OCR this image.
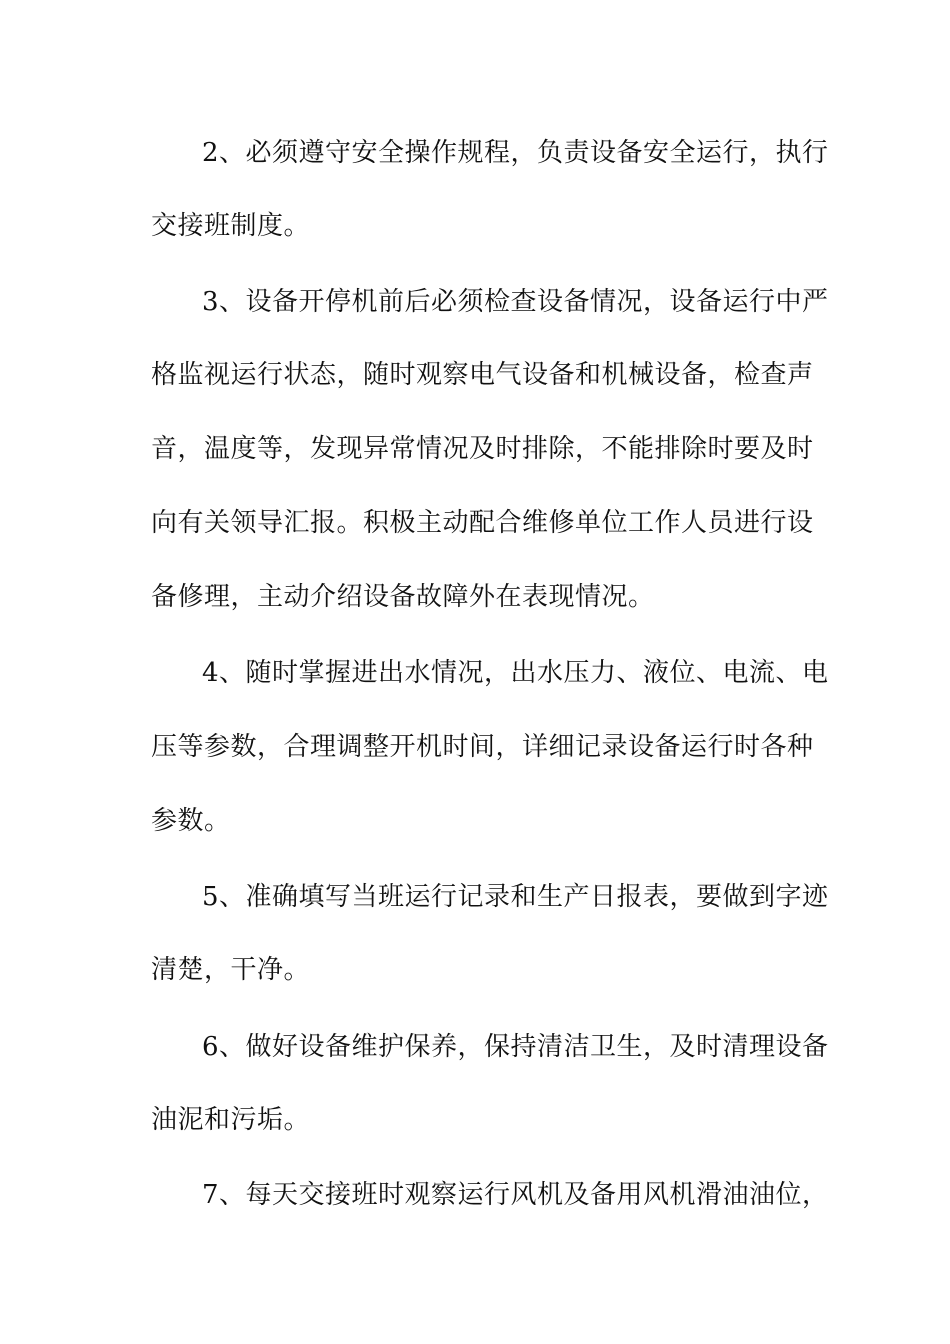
2、必须遵守安全操作规程，负责设备安全运行，执行
交接班制度。
3、设备开停机前后必须检查设备情况，设备运行中严
格监视运行状态，随时观察电气设备和机械设备，检查声
音，温度等，发现异常情况及时排除，不能排除时要及时
向有关领导汇报。积极主动配合维修单位工作人员进行设
备修理，主动介绍设备故障外在表现情况。
4、随时掌握进出水情况，出水压力、液位、电流、电
压等参数，合理调整开机时间，详细记录设备运行时各种
参数。
5、准确填写当班运行记录和生产日报表，要做到字迹
清楚，干净。
6、做好设备维护保养，保持清洁卫生，及时清理设备
油泥和污垢。
7、每天交接班时观察运行风机及备用风机滑油油位，
